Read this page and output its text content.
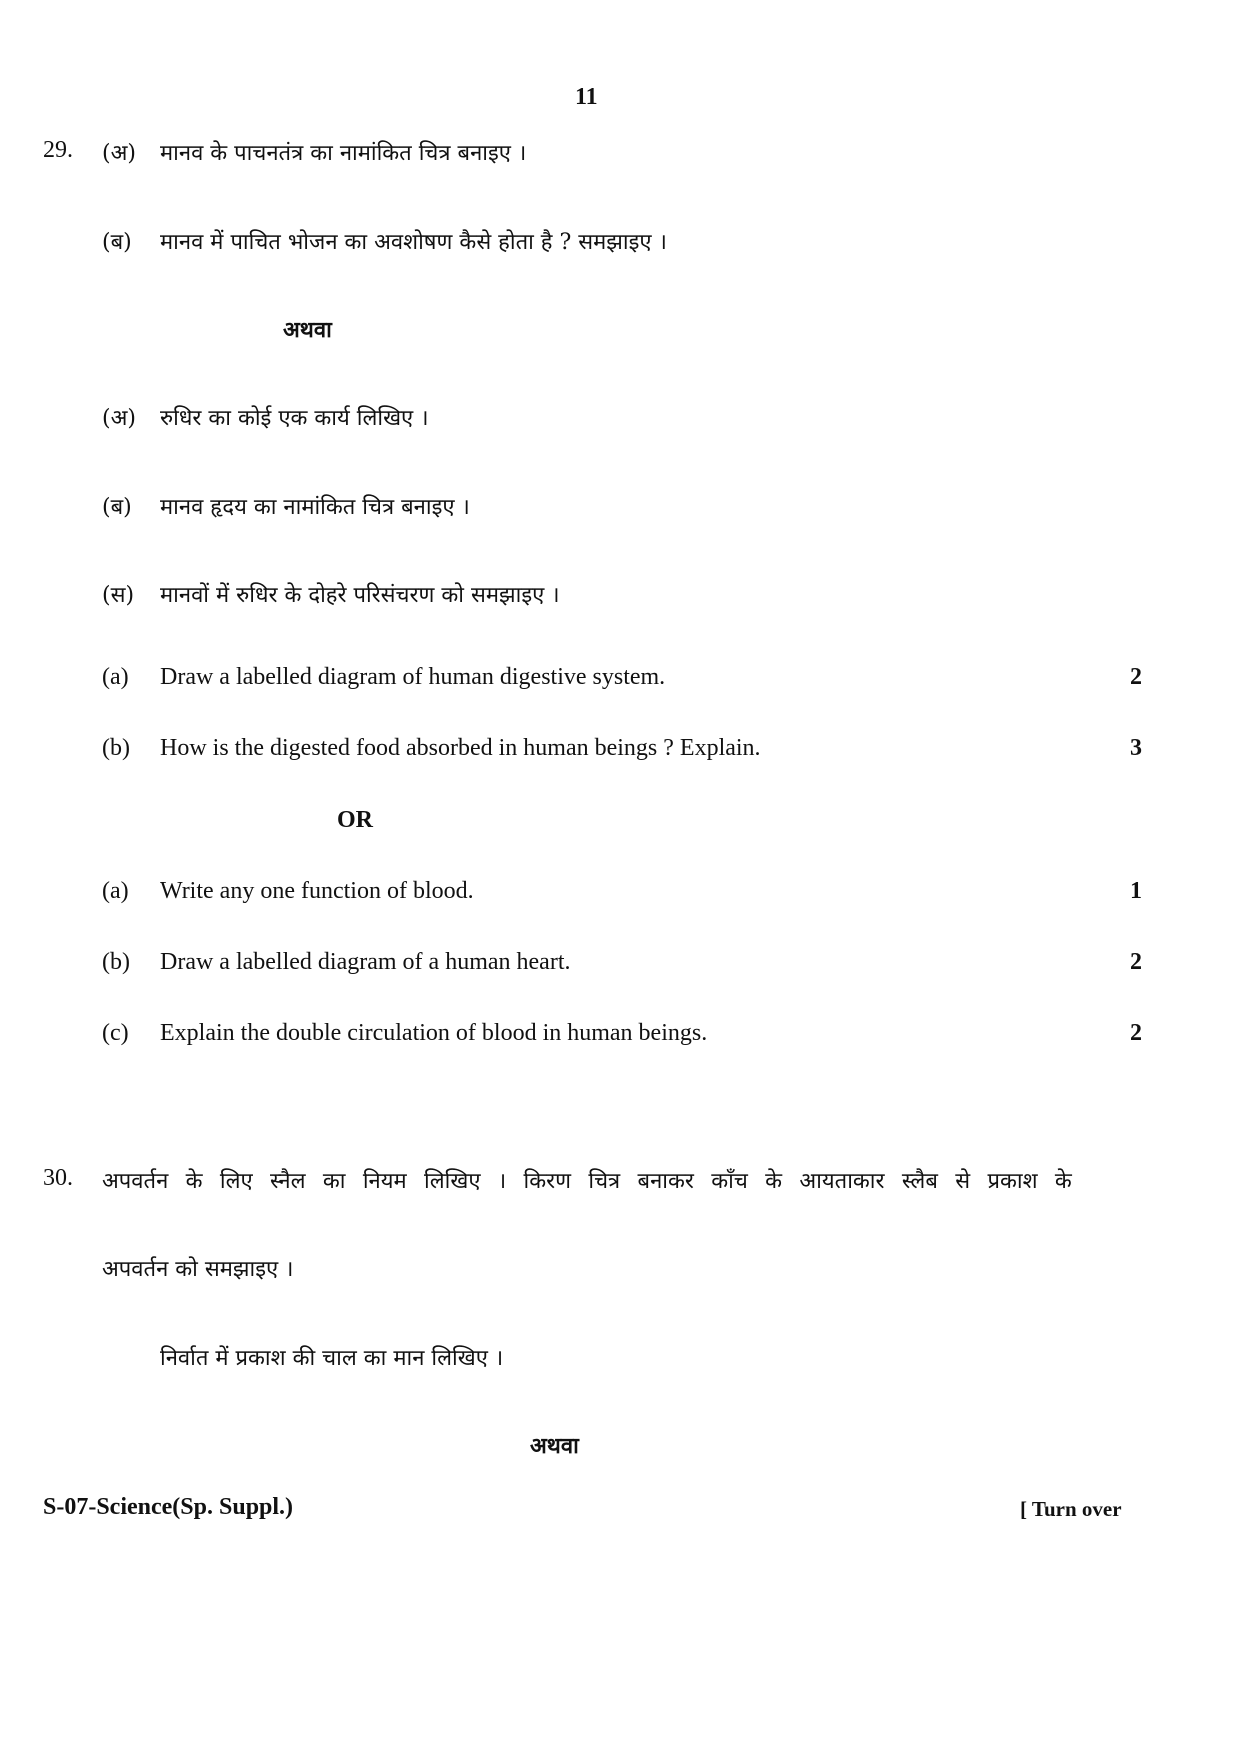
11
29. (अ) मानव के पाचनतंत्र का नामांकित चित्र बनाइए ।
(ब) मानव में पाचित भोजन का अवशोषण कैसे होता है ? समझाइए ।
अथवा
(अ) रुधिर का कोई एक कार्य लिखिए ।
(ब) मानव हृदय का नामांकित चित्र बनाइए ।
(स) मानवों में रुधिर के दोहरे परिसंचरण को समझाइए ।
(a) Draw a labelled diagram of human digestive system.	2
(b) How is the digested food absorbed in human beings ? Explain.	3
OR
(a) Write any one function of blood.	1
(b) Draw a labelled diagram of a human heart.	2
(c) Explain the double circulation of blood in human beings.	2
30. अपवर्तन के लिए स्नैल का नियम लिखिए । किरण चित्र बनाकर काँच के आयताकार स्लैब से प्रकाश के
अपवर्तन को समझाइए ।
निर्वात में प्रकाश की चाल का मान लिखिए ।
अथवा
S-07-Science(Sp. Suppl.)	[ Turn over
